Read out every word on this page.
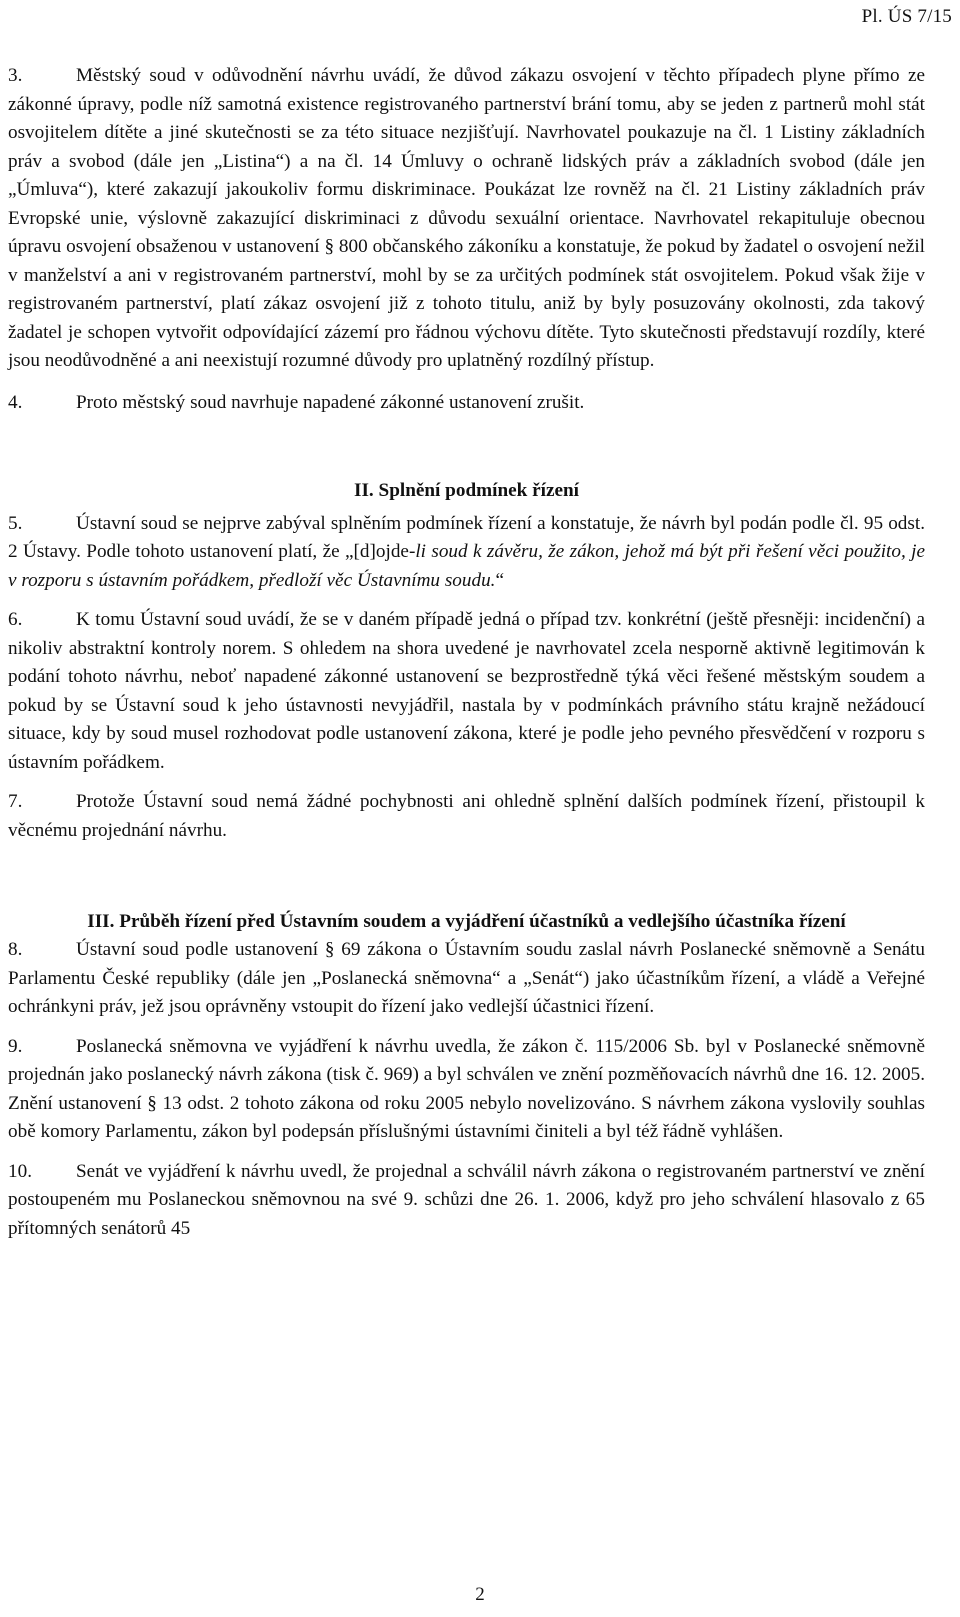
Pl. ÚS 7/15

3.	Městský soud v odůvodnění návrhu uvádí, že důvod zákazu osvojení v těchto případech plyne přímo ze zákonné úpravy, podle níž samotná existence registrovaného partnerství brání tomu, aby se jeden z partnerů mohl stát osvojitelem dítěte a jiné skutečnosti se za této situace nezjišťují. Navrhovatel poukazuje na čl. 1 Listiny základních práv a svobod (dále jen „Listina“) a na čl. 14 Úmluvy o ochraně lidských práv a základních svobod (dále jen „Úmluva“), které zakazují jakoukoliv formu diskriminace. Poukázat lze rovněž na čl. 21 Listiny základních práv Evropské unie, výslovně zakazující diskriminaci z důvodu sexuální orientace. Navrhovatel rekapituluje obecnou úpravu osvojení obsaženou v ustanovení § 800 občanského zákoníku a konstatuje, že pokud by žadatel o osvojení nežil v manželství a ani v registrovaném partnerství, mohl by se za určitých podmínek stát osvojitelem. Pokud však žije v registrovaném partnerství, platí zákaz osvojení již z tohoto titulu, aniž by byly posuzovány okolnosti, zda takový žadatel je schopen vytvořit odpovídající zázemí pro řádnou výchovu dítěte. Tyto skutečnosti představují rozdíly, které jsou neodůvodněné a ani neexistují rozumné důvody pro uplatněný rozdílný přístup.

4.	Proto městský soud navrhuje napadené zákonné ustanovení zrušit.

II. Splnění podmínek řízení

5.	Ústavní soud se nejprve zabýval splněním podmínek řízení a konstatuje, že návrh byl podán podle čl. 95 odst. 2 Ústavy. Podle tohoto ustanovení platí, že „[d]ojde-li soud k závěru, že zákon, jehož má být při řešení věci použito, je v rozporu s ústavním pořádkem, předloží věc Ústavnímu soudu.“

6.	K tomu Ústavní soud uvádí, že se v daném případě jedná o případ tzv. konkrétní (ještě přesněji: incidenční) a nikoliv abstraktní kontroly norem. S ohledem na shora uvedené je navrhovatel zcela nesporně aktivně legitimován k podání tohoto návrhu, neboť napadené zákonné ustanovení se bezprostředně týká věci řešené městským soudem a pokud by se Ústavní soud k jeho ústavnosti nevyjádřil, nastala by v podmínkách právního státu krajně nežádoucí situace, kdy by soud musel rozhodovat podle ustanovení zákona, které je podle jeho pevného přesvědčení v rozporu s ústavním pořádkem.

7.	Protože Ústavní soud nemá žádné pochybnosti ani ohledně splnění dalších podmínek řízení, přistoupil k věcnému projednání návrhu.

III. Průběh řízení před Ústavním soudem a vyjádření účastníků a vedlejšího účastníka řízení

8.	Ústavní soud podle ustanovení § 69 zákona o Ústavním soudu zaslal návrh Poslanecké sněmovně a Senátu Parlamentu České republiky (dále jen „Poslanecká sněmovna“ a „Senát“) jako účastníkům řízení, a vládě a Veřejné ochránkyni práv, jež jsou oprávněny vstoupit do řízení jako vedlejší účastnici řízení.

9.	Poslanecká sněmovna ve vyjádření k návrhu uvedla, že zákon č. 115/2006 Sb. byl v Poslanecké sněmovně projednán jako poslanecký návrh zákona (tisk č. 969) a byl schválen ve znění pozměňovacích návrhů dne 16. 12. 2005. Znění ustanovení § 13 odst. 2 tohoto zákona od roku 2005 nebylo novelizováno. S návrhem zákona vyslovily souhlas obě komory Parlamentu, zákon byl podepsán příslušnými ústavními činiteli a byl též řádně vyhlášen.

10. Senát ve vyjádření k návrhu uvedl, že projednal a schválil návrh zákona o registrovaném partnerství ve znění postoupeném mu Poslaneckou sněmovnou na své 9. schůzi dne 26. 1. 2006, když pro jeho schválení hlasovalo z 65 přítomných senátorů 45

2
